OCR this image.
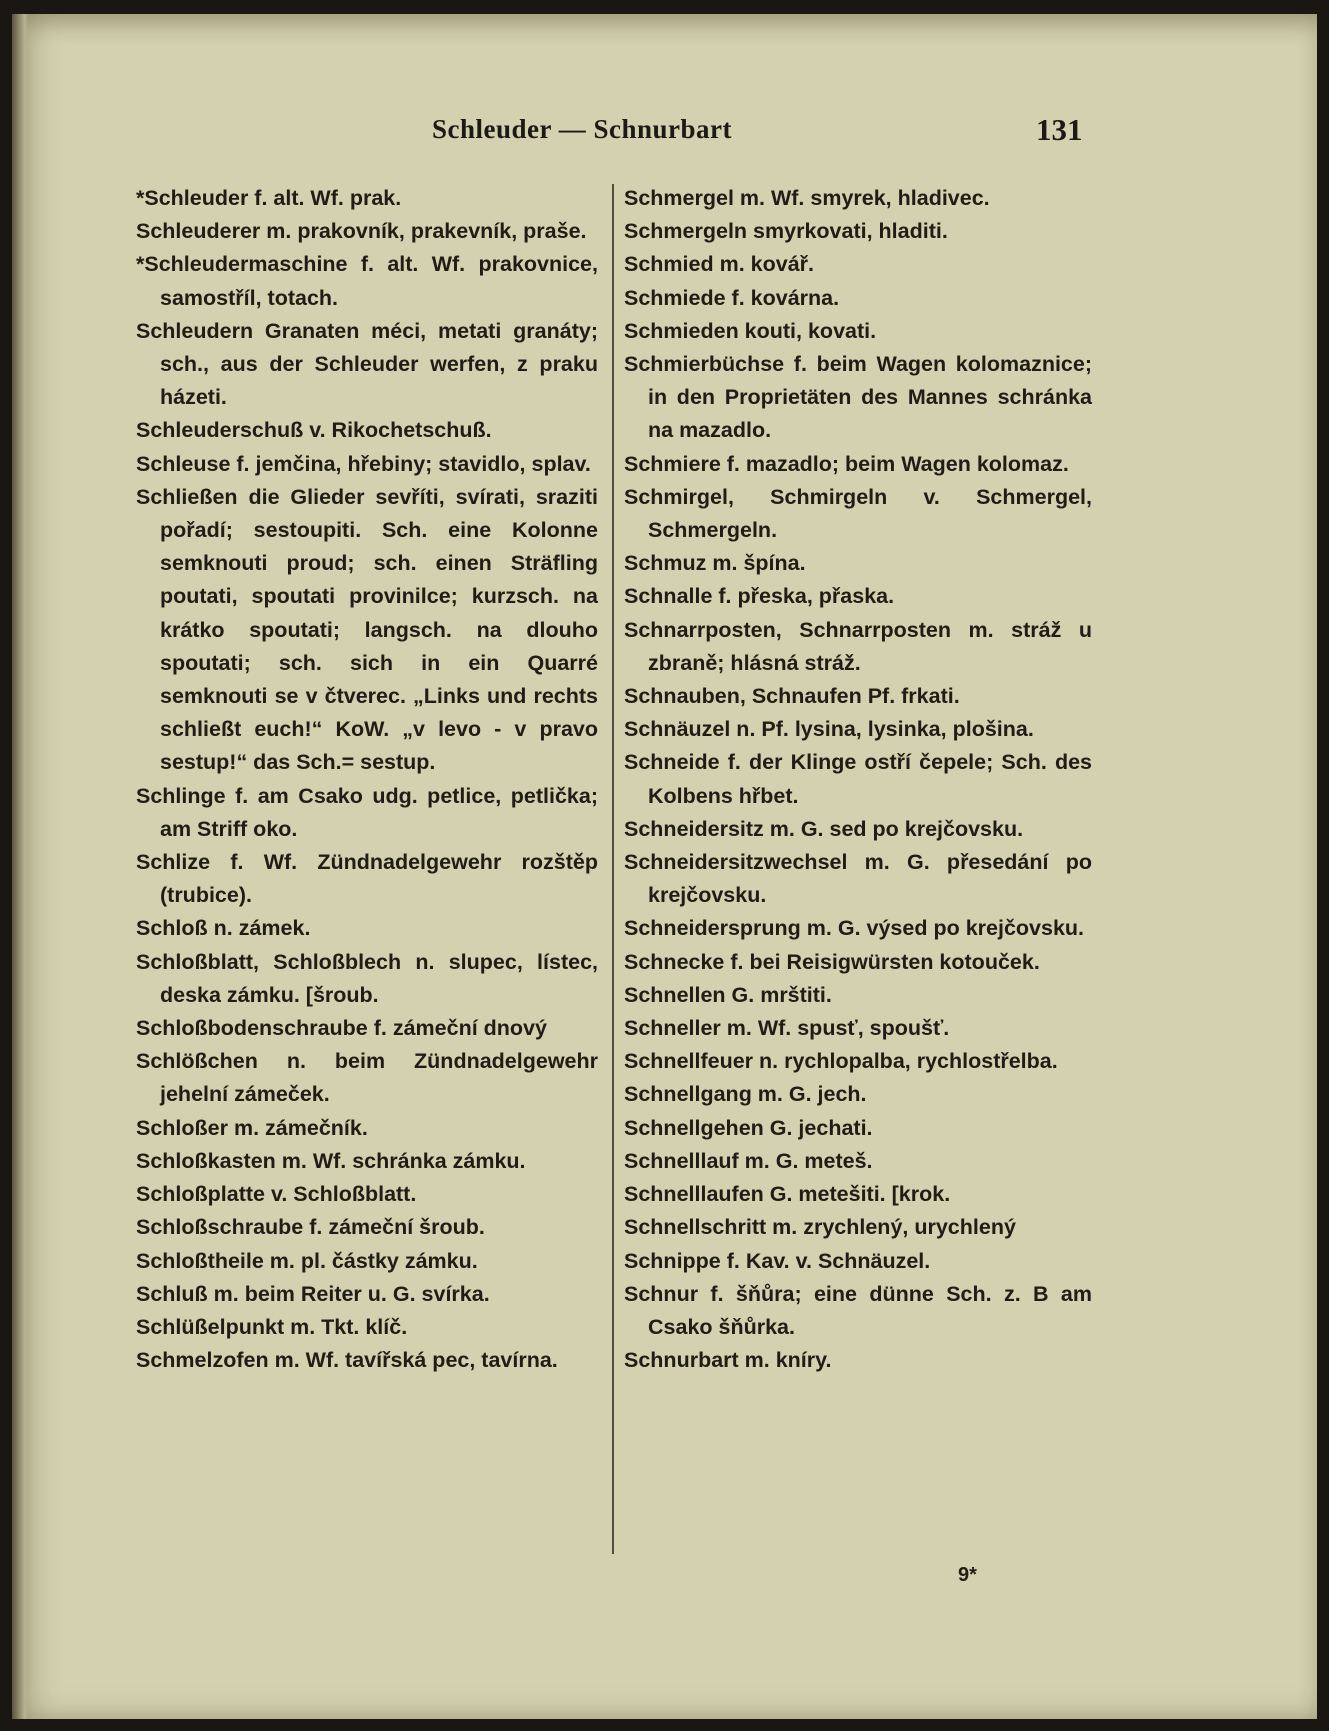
Schleuder — Schnurbart	131

*Schleuder f. alt. Wf. prak.

Schleuderer m. prakovník, prakevník, praše.

*Schleudermaschine f. alt. Wf. prakovnice, samostříl, totach.

Schleudern Granaten méci, metati granáty; sch., aus der Schleuder werfen, z praku házeti.

Schleuderschuß v. Rikochetschuß.

Schleuse f. jemčina, hřebiny; stavidlo, splav.

Schließen die Glieder sevříti, svírati, sraziti pořadí; sestoupiti. Sch. eine Kolonne semknouti proud; sch. einen Sträfling poutati, spoutati provinilce; kurzsch. na krátko spoutati; langsch. na dlouho spoutati; sch. sich in ein Quarré semknouti se v čtverec. „Links und rechts schließt euch!“ KoW. „v levo - v pravo sestup!“ das Sch.= sestup.

Schlinge f. am Csako udg. petlice, petlička; am Striff oko.

Schlize f. Wf. Zündnadelgewehr rozštěp (trubice).

Schloß n. zámek.

Schloßblatt, Schloßblech n. slupec, lístec, deska zámku. [šroub.

Schloßbodenschraube f. zámeční dnový

Schlößchen n. beim Zündnadelgewehr jehelní zámeček.

Schloßer m. zámečník.

Schloßkasten m. Wf. schránka zámku.

Schloßplatte v. Schloßblatt.

Schloßschraube f. zámeční šroub.

Schloßtheile m. pl. částky zámku.

Schluß m. beim Reiter u. G. svírka.

Schlüßelpunkt m. Tkt. klíč.

Schmelzofen m. Wf. tavířská pec, tavírna.

Schmergel m. Wf. smyrek, hladivec.

Schmergeln smyrkovati, hladiti.

Schmied m. kovář.

Schmiede f. kovárna.

Schmieden kouti, kovati.

Schmierbüchse f. beim Wagen kolomaznice; in den Proprietäten des Mannes schránka na mazadlo.

Schmiere f. mazadlo; beim Wagen kolomaz.

Schmirgel, Schmirgeln v. Schmergel, Schmergeln.

Schmuz m. špína.

Schnalle f. přeska, přaska.

Schnarrposten, Schnarrposten m. stráž u zbraně; hlásná stráž.

Schnauben, Schnaufen Pf. frkati.

Schnäuzel n. Pf. lysina, lysinka, plošina.

Schneide f. der Klinge ostří čepele; Sch. des Kolbens hřbet.

Schneidersitz m. G. sed po krejčovsku.

Schneidersitzwechsel m. G. přesedání po krejčovsku.

Schneidersprung m. G. výsed po krejčovsku.

Schnecke f. bei Reisigwürsten kotouček.

Schnellen G. mrštiti.

Schneller m. Wf. spusť, spoušť.

Schnellfeuer n. rychlopalba, rychlostřelba.

Schnellgang m. G. jech.

Schnellgehen G. jechati.

Schnelllauf m. G. meteš.

Schnelllaufen G. metešiti. [krok.

Schnellschritt m. zrychlený, urychlený

Schnippe f. Kav. v. Schnäuzel.

Schnur f. šňůra; eine dünne Sch. z. B am Csako šňůrka.

Schnurbart m. kníry.

9*
